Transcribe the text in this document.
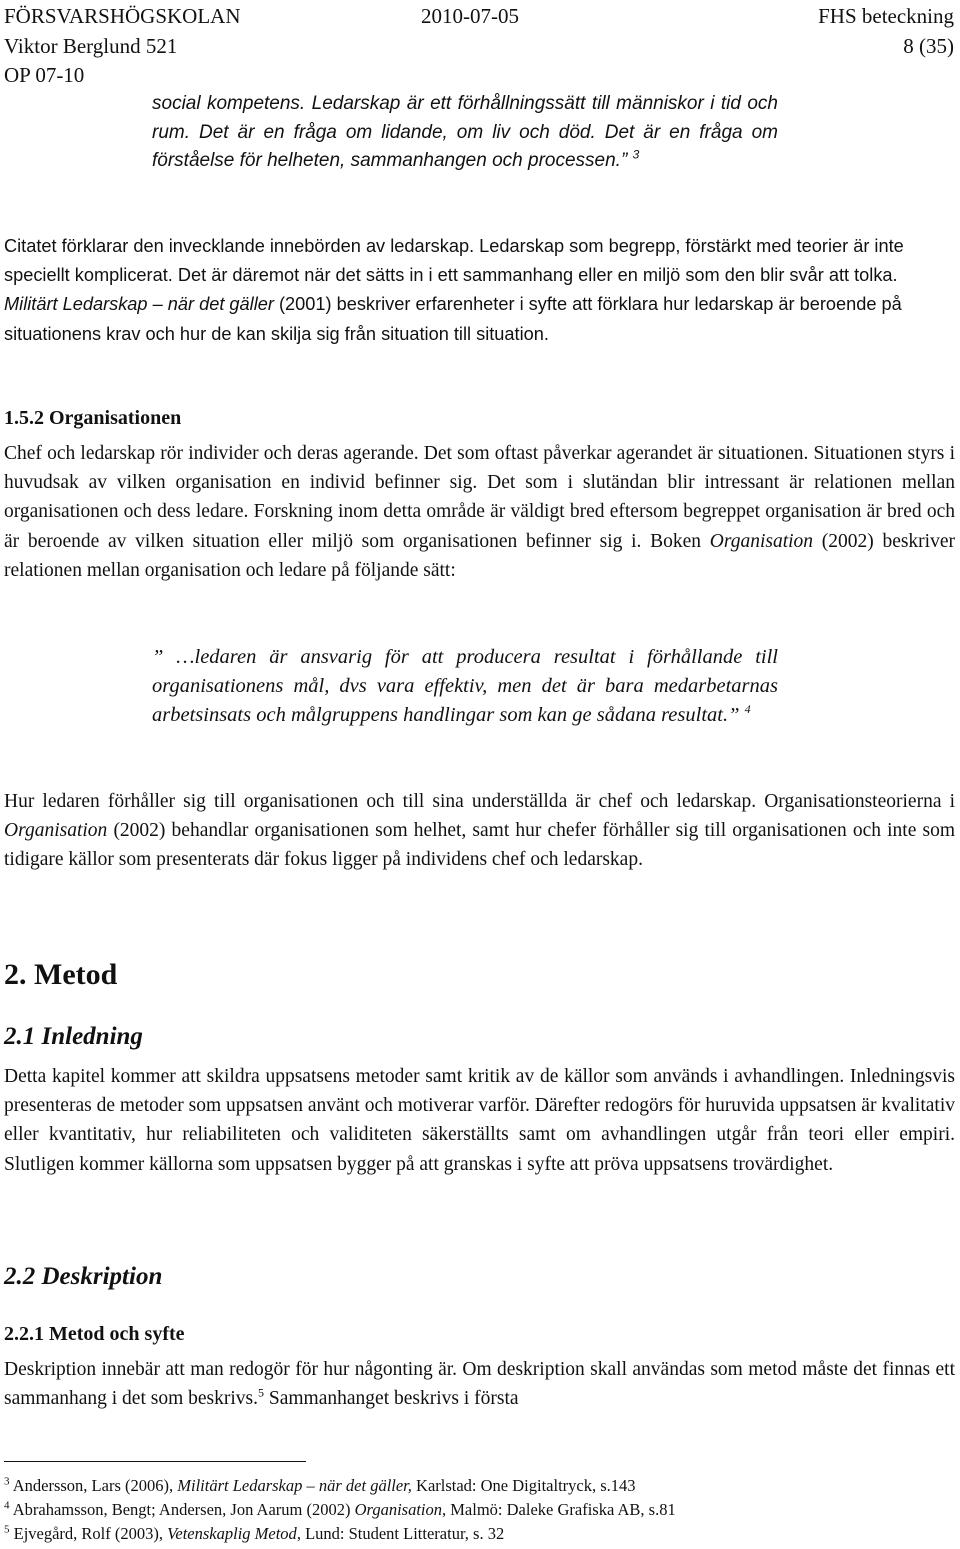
FÖRSVARSHÖGSKOLAN	2010-07-05	FHS beteckning
Viktor Berglund 521	8 (35)
OP 07-10

social kompetens. Ledarskap är ett förhållningssätt till människor i tid och rum. Det är en fråga om lidande, om liv och död. Det är en fråga om förståelse för helheten, sammanhangen och processen.” $^3$

Citatet förklarar den invecklande innebörden av ledarskap. Ledarskap som begrepp, förstärkt med teorier är inte speciellt komplicerat. Det är däremot när det sätts in i ett sammanhang eller en miljö som den blir svår att tolka. Militärt Ledarskap – när det gäller (2001) beskriver erfarenheter i syfte att förklara hur ledarskap är beroende på situationens krav och hur de kan skilja sig från situation till situation.

1.5.2 Organisationen

Chef och ledarskap rör individer och deras agerande. Det som oftast påverkar agerandet är situationen. Situationen styrs i huvudsak av vilken organisation en individ befinner sig. Det som i slutändan blir intressant är relationen mellan organisationen och dess ledare. Forskning inom detta område är väldigt bred eftersom begreppet organisation är bred och är beroende av vilken situation eller miljö som organisationen befinner sig i. Boken Organisation (2002) beskriver relationen mellan organisation och ledare på följande sätt:

” …ledaren är ansvarig för att producera resultat i förhållande till organisationens mål, dvs vara effektiv, men det är bara medarbetarnas arbetsinsats och målgruppens handlingar som kan ge sådana resultat.” $^4$

Hur ledaren förhåller sig till organisationen och till sina underställda är chef och ledarskap. Organisationsteorierna i Organisation (2002) behandlar organisationen som helhet, samt hur chefer förhåller sig till organisationen och inte som tidigare källor som presenterats där fokus ligger på individens chef och ledarskap.

2. Metod
2.1 Inledning

Detta kapitel kommer att skildra uppsatsens metoder samt kritik av de källor som används i avhandlingen. Inledningsvis presenteras de metoder som uppsatsen använt och motiverar varför. Därefter redogörs för huruvida uppsatsen är kvalitativ eller kvantitativ, hur reliabiliteten och validiteten säkerställts samt om avhandlingen utgår från teori eller empiri. Slutligen kommer källorna som uppsatsen bygger på att granskas i syfte att pröva uppsatsens trovärdighet.

2.2 Deskription
2.2.1 Metod och syfte

Deskription innebär att man redogör för hur någonting är. Om deskription skall användas som metod måste det finnas ett sammanhang i det som beskrivs.$^5$ Sammanhanget beskrivs i första

$^3$ Andersson, Lars (2006), Militärt Ledarskap – när det gäller, Karlstad: One Digitaltryck, s.143

$^4$ Abrahamsson, Bengt; Andersen, Jon Aarum (2002) Organisation, Malmö: Daleke Grafiska AB, s.81

$^5$ Ejvegård, Rolf (2003), Vetenskaplig Metod, Lund: Student Litteratur, s. 32
